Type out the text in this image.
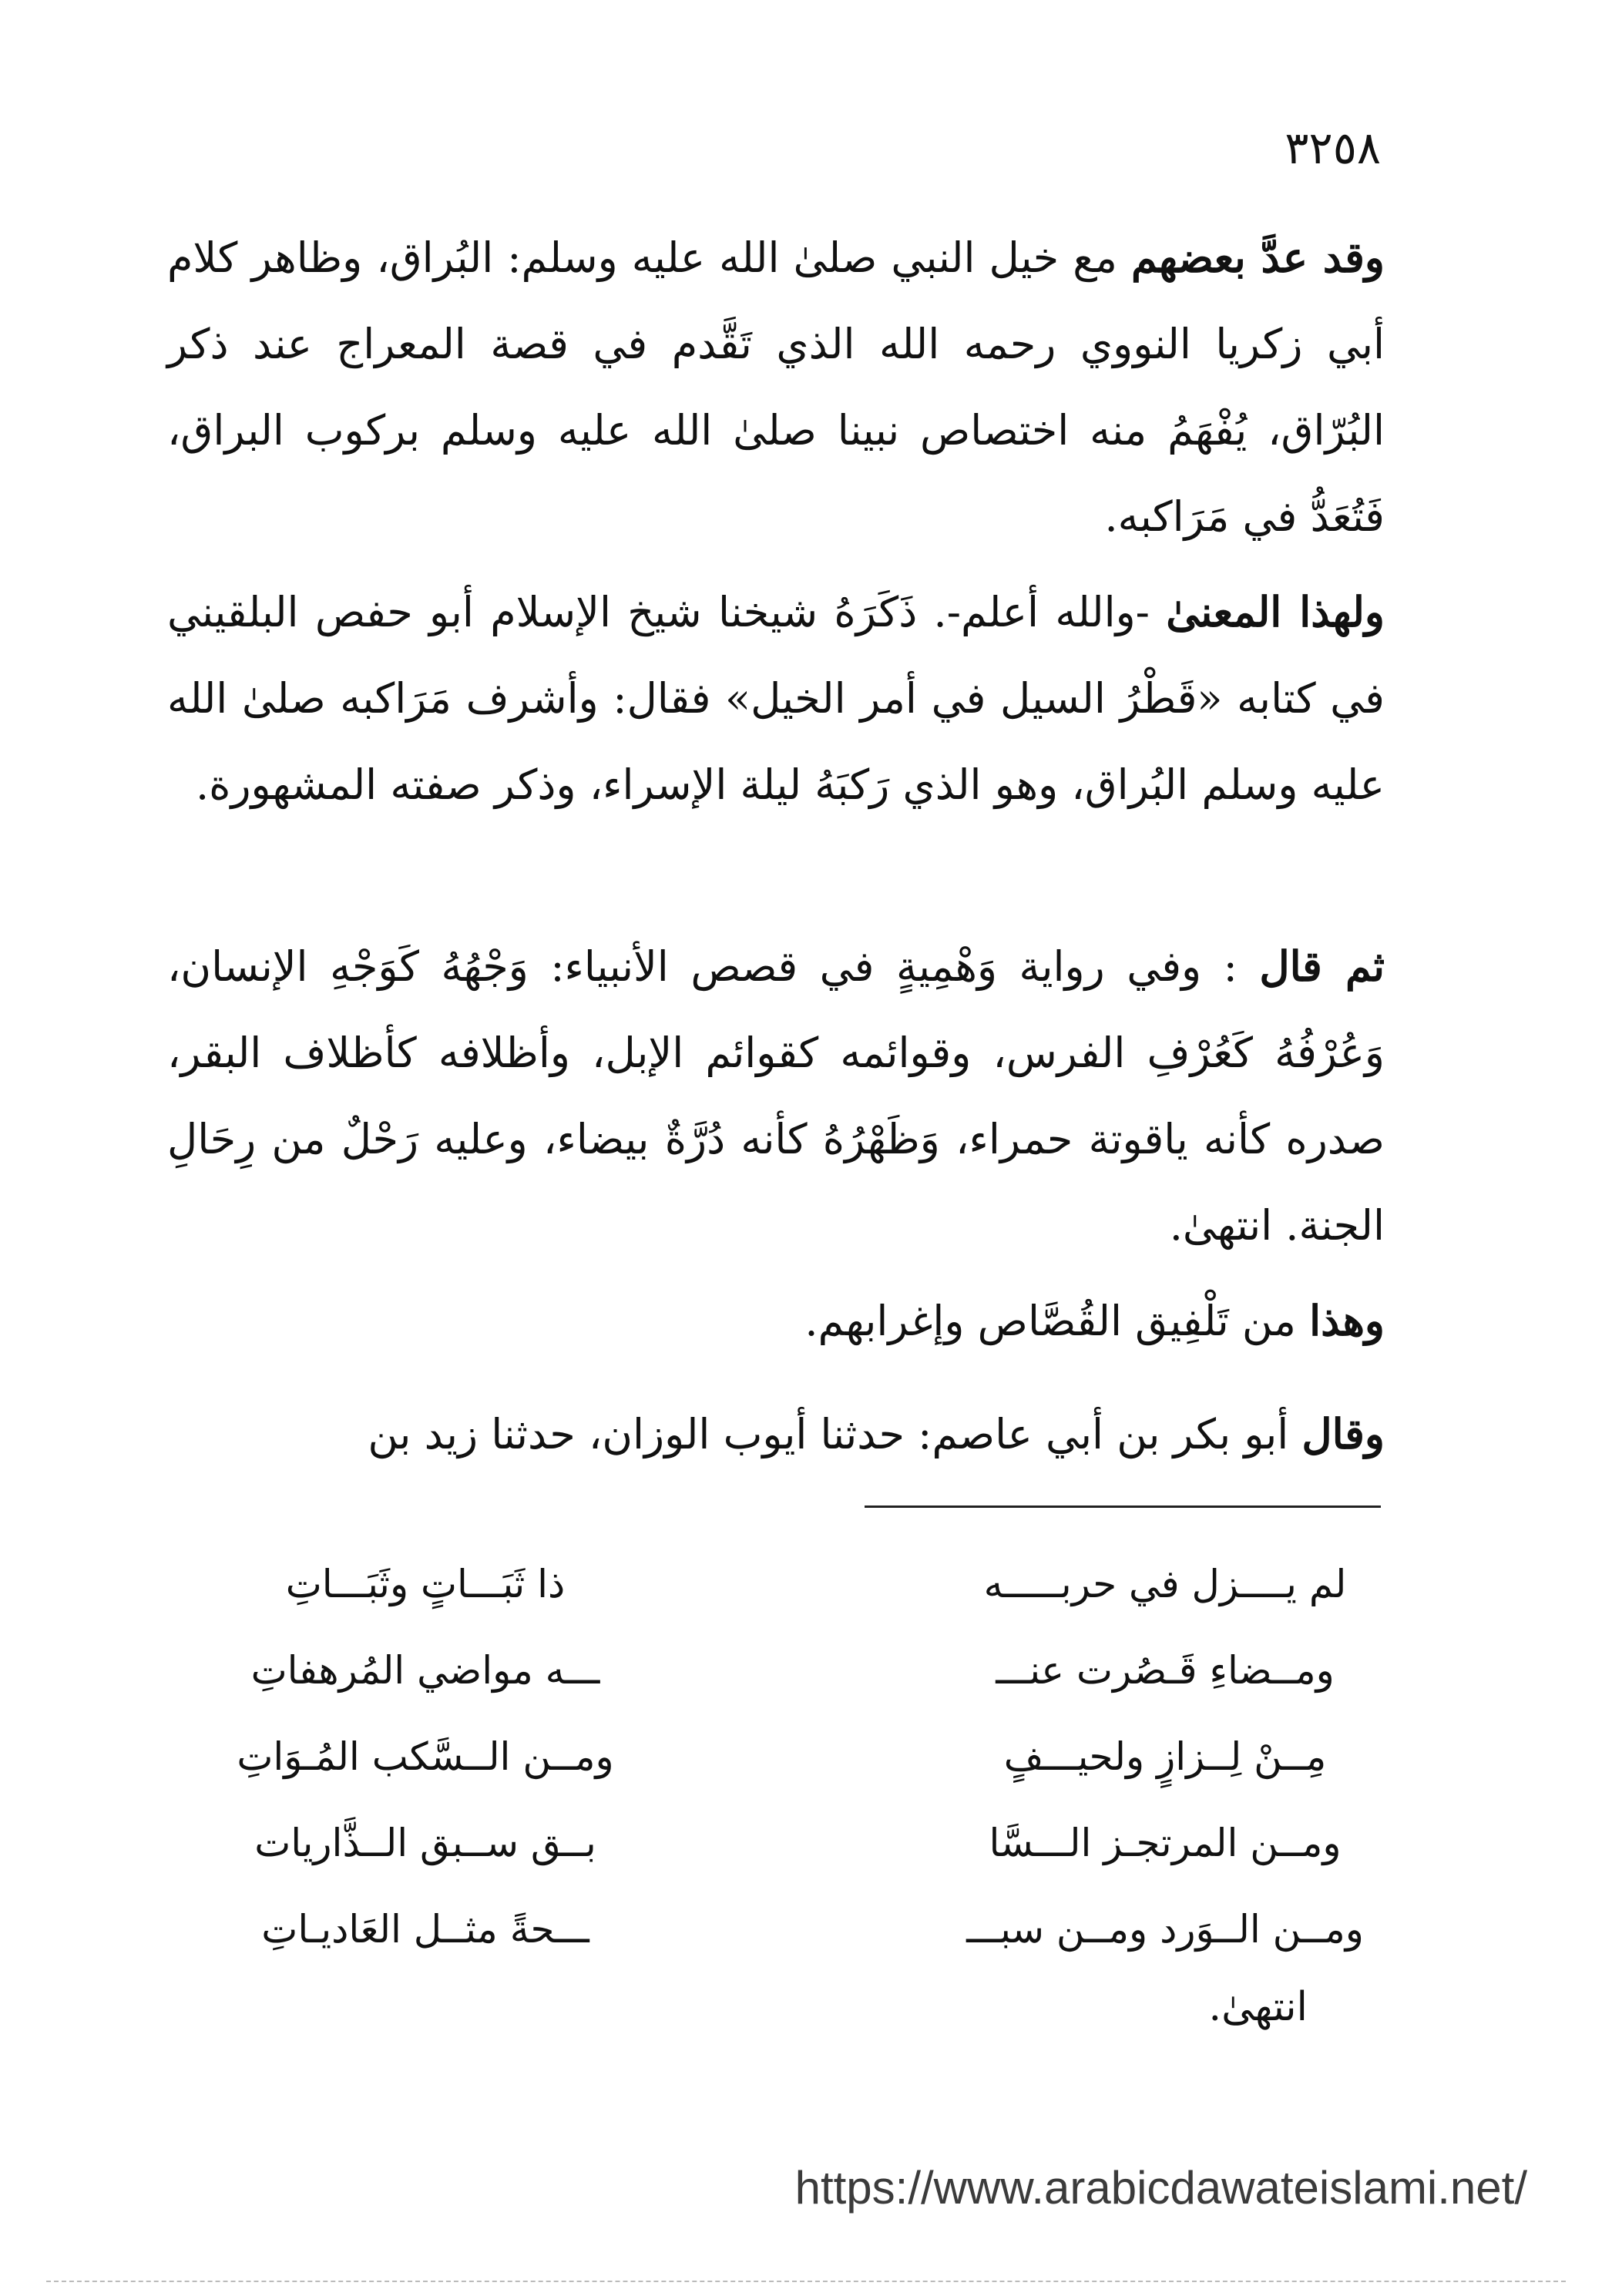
٣٢٥٨

وقد عدَّ بعضهم مع خيل النبي صلىٰ الله عليه وسلم: البُراق، وظاهر كلام أبي زكريا النووي رحمه الله الذي تَقَّدم في قصة المعراج عند ذكر البُرّاق، يُفْهَمُ منه اختصاص نبينا صلىٰ الله عليه وسلم بركوب البراق، فَتُعَدُّ في مَرَاكبه.

ولهذا المعنىٰ -والله أعلم-. ذَكَرَهُ شيخنا شيخ الإسلام أبو حفص البلقيني في كتابه «قَطْرُ السيل في أمر الخيل» فقال: وأشرف مَرَاكبه صلىٰ الله عليه وسلم البُراق، وهو الذي رَكبَهُ ليلة الإسراء، وذكر صفته المشهورة.

ثم قال : وفي رواية وَهْمِيةٍ في قصص الأنبياء: وَجْهُهُ كَوَجْهِ الإنسان، وَعُرْفُهُ كَعُرْفِ الفرس، وقوائمه كقوائم الإبل، وأظلافه كأظلاف البقر، صدره كأنه ياقوتة حمراء، وَظَهْرُهُ كأنه دُرَّةٌ بيضاء، وعليه رَحْلٌ من رِحَالِ الجنة. انتهىٰ.

وهذا من تَلْفِيق القُصَّاص وإغرابهم.

وقال أبو بكر بن أبي عاصم: حدثنا أيوب الوزان، حدثنا زيد بن

لم يــــزل في حربـــــه
ذا ثَبَـــاتٍ وثَبَـــاتِ
ومــضاءِ قَـصُرت عنـــ
ـــه مواضي المُرهفاتِ
مِــنْ لِــزازٍ ولحيـــفٍ
ومــن الــسَّكب المُـوَاتِ
ومــن المرتجـز الـــسَّا
بــق ســبق الــذَّاريات
ومــن الــوَرد ومــن سبـــ
ـــحةً مثــل العَاديـاتِ
انتهىٰ.
https://www.arabicdawateislami.net/
